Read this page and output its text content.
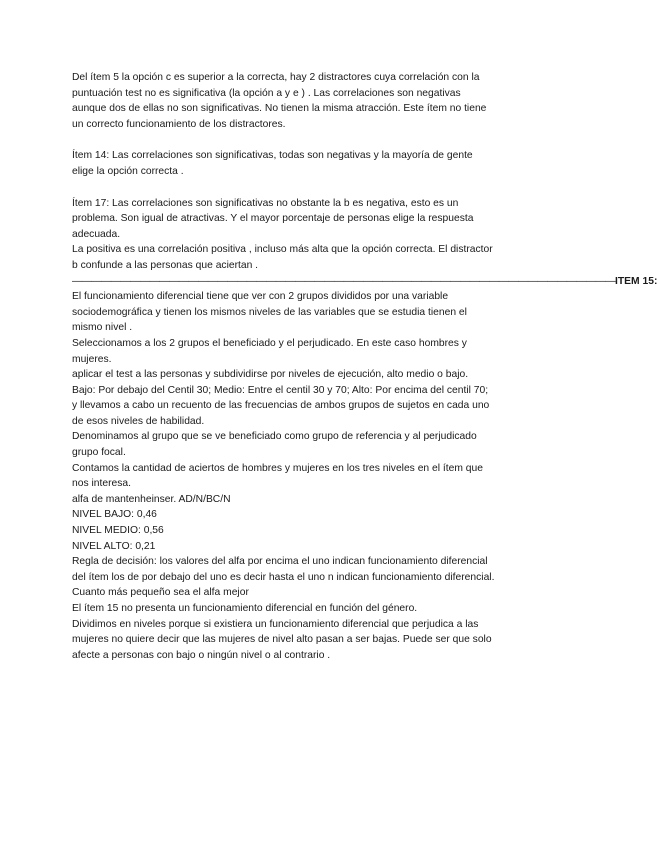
Del ítem 5 la opción c es superior a la correcta, hay 2 distractores cuya correlación con la
puntuación test no es significativa (la opción a y e ) . Las correlaciones son negativas
aunque dos de ellas no son significativas. No tienen la misma atracción. Este ítem no tiene
un correcto funcionamiento de los distractores.
Ítem 14: Las correlaciones son significativas, todas son negativas y la mayoría de gente
elige la opción correcta .
Ítem 17: Las correlaciones son significativas no obstante la b es negativa, esto es un
problema. Son igual de atractivas. Y el mayor porcentaje de personas elige la respuesta
adecuada.
La positiva es una correlación positiva , incluso más alta que la opción correcta. El distractor
b confunde a las personas que aciertan .
————————————————————————————————————————————————————————ITEM 15:
El funcionamiento diferencial tiene que ver con 2 grupos divididos por una variable
sociodemográfica y tienen los mismos niveles de las variables que se estudia tienen el
mismo nivel .
Seleccionamos a los 2 grupos el beneficiado y el perjudicado. En este caso hombres y
mujeres.
aplicar el test a las personas y subdividirse por niveles de ejecución, alto medio o bajo.
Bajo: Por debajo del Centil 30; Medio: Entre el centil 30 y 70; Alto: Por encima del centil 70;
y llevamos a cabo un recuento de las frecuencias de ambos grupos de sujetos en cada uno
de esos niveles de habilidad.
Denominamos al grupo que se ve beneficiado como grupo de referencia y al perjudicado
grupo focal.
Contamos la cantidad de aciertos de hombres y mujeres en los tres niveles en el ítem que
nos interesa.
alfa de mantenheinser. AD/N/BC/N
NIVEL BAJO: 0,46
NIVEL MEDIO: 0,56
NIVEL ALTO: 0,21
Regla de decisión: los valores del alfa por encima el uno indican funcionamiento diferencial
del ítem los de por debajo del uno es decir hasta el uno n indican funcionamiento diferencial.
Cuanto más pequeño sea el alfa mejor
El ítem 15 no presenta un funcionamiento diferencial en función del género.
Dividimos en niveles porque si existiera un funcionamiento diferencial que perjudica a las
mujeres no quiere decir que las mujeres de nivel alto pasan a ser bajas. Puede ser que solo
afecte a personas con bajo o ningún nivel o al contrario .
